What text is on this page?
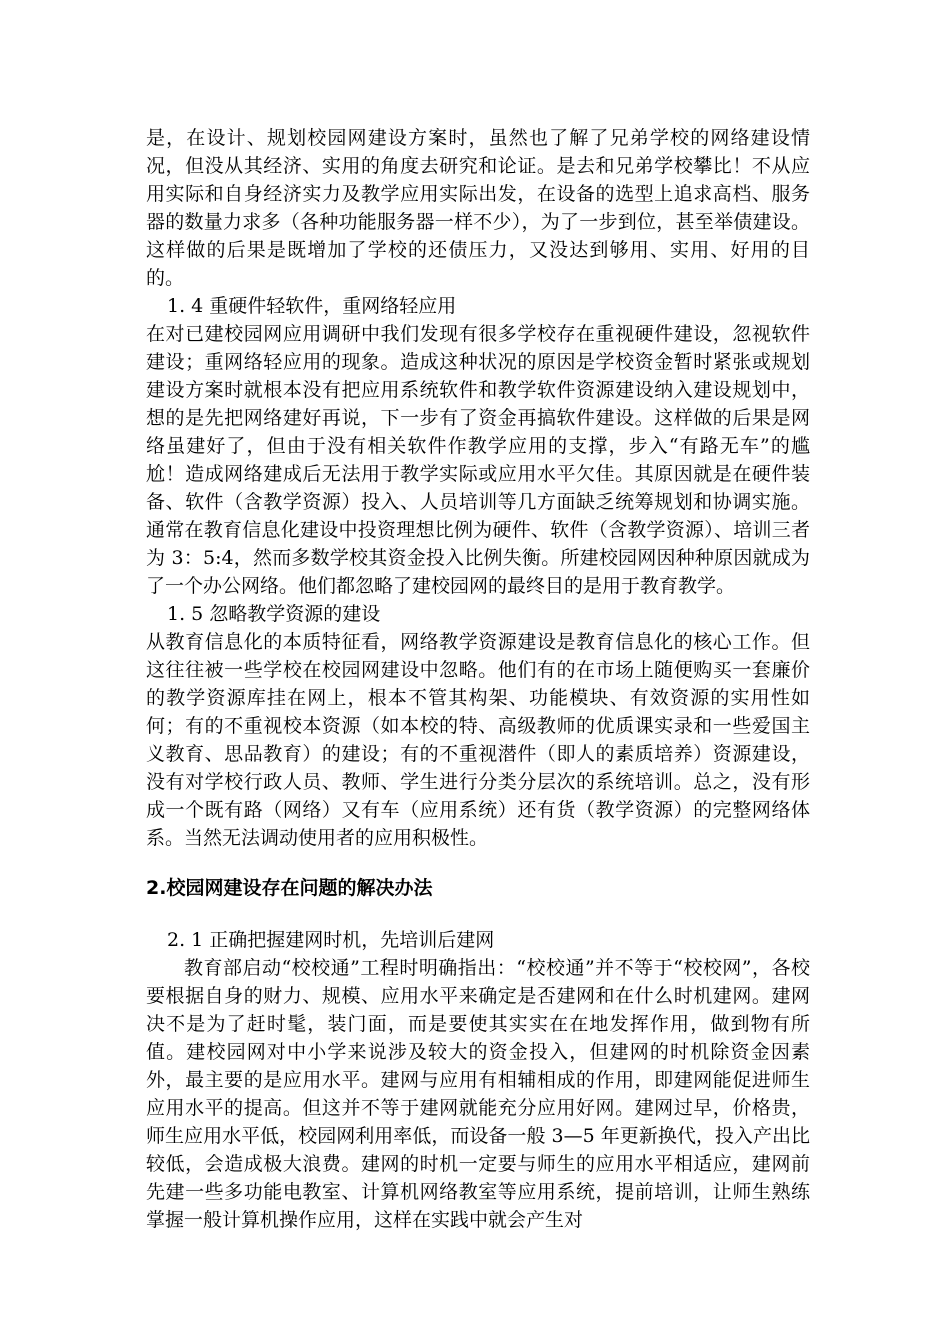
是，在设计、规划校园网建设方案时，虽然也了解了兄弟学校的网络建设情况，但没从其经济、实用的角度去研究和论证。是去和兄弟学校攀比！不从应用实际和自身经济实力及教学应用实际出发，在设备的选型上追求高档、服务器的数量力求多（各种功能服务器一样不少），为了一步到位，甚至举债建设。这样做的后果是既增加了学校的还债压力，又没达到够用、实用、好用的目的。

1. 4 重硬件轻软件，重网络轻应用

在对已建校园网应用调研中我们发现有很多学校存在重视硬件建设，忽视软件建设；重网络轻应用的现象。造成这种状况的原因是学校资金暂时紧张或规划建设方案时就根本没有把应用系统软件和教学软件资源建设纳入建设规划中，想的是先把网络建好再说，下一步有了资金再搞软件建设。这样做的后果是网络虽建好了，但由于没有相关软件作教学应用的支撑，步入“有路无车”的尴尬！造成网络建成后无法用于教学实际或应用水平欠佳。其原因就是在硬件装备、软件（含教学资源）投入、人员培训等几方面缺乏统筹规划和协调实施。通常在教育信息化建设中投资理想比例为硬件、软件（含教学资源）、培训三者为 3：5:4，然而多数学校其资金投入比例失衡。所建校园网因种种原因就成为了一个办公网络。他们都忽略了建校园网的最终目的是用于教育教学。

1. 5 忽略教学资源的建设

从教育信息化的本质特征看，网络教学资源建设是教育信息化的核心工作。但这往往被一些学校在校园网建设中忽略。他们有的在市场上随便购买一套廉价的教学资源库挂在网上，根本不管其构架、功能模块、有效资源的实用性如何；有的不重视校本资源（如本校的特、高级教师的优质课实录和一些爱国主义教育、思品教育）的建设；有的不重视潜件（即人的素质培养）资源建设，没有对学校行政人员、教师、学生进行分类分层次的系统培训。总之，没有形成一个既有路（网络）又有车（应用系统）还有货（教学资源）的完整网络体系。当然无法调动使用者的应用积极性。

2.校园网建设存在问题的解决办法

2. 1 正确把握建网时机，先培训后建网

教育部启动“校校通”工程时明确指出：“校校通”并不等于“校校网”，各校要根据自身的财力、规模、应用水平来确定是否建网和在什么时机建网。建网决不是为了赶时髦，装门面，而是要使其实实在在地发挥作用，做到物有所值。建校园网对中小学来说涉及较大的资金投入，但建网的时机除资金因素外，最主要的是应用水平。建网与应用有相辅相成的作用，即建网能促进师生应用水平的提高。但这并不等于建网就能充分应用好网。建网过早，价格贵，师生应用水平低，校园网利用率低，而设备一般 3—5 年更新换代，投入产出比较低，会造成极大浪费。建网的时机一定要与师生的应用水平相适应，建网前先建一些多功能电教室、计算机网络教室等应用系统，提前培训，让师生熟练掌握一般计算机操作应用，这样在实践中就会产生对
